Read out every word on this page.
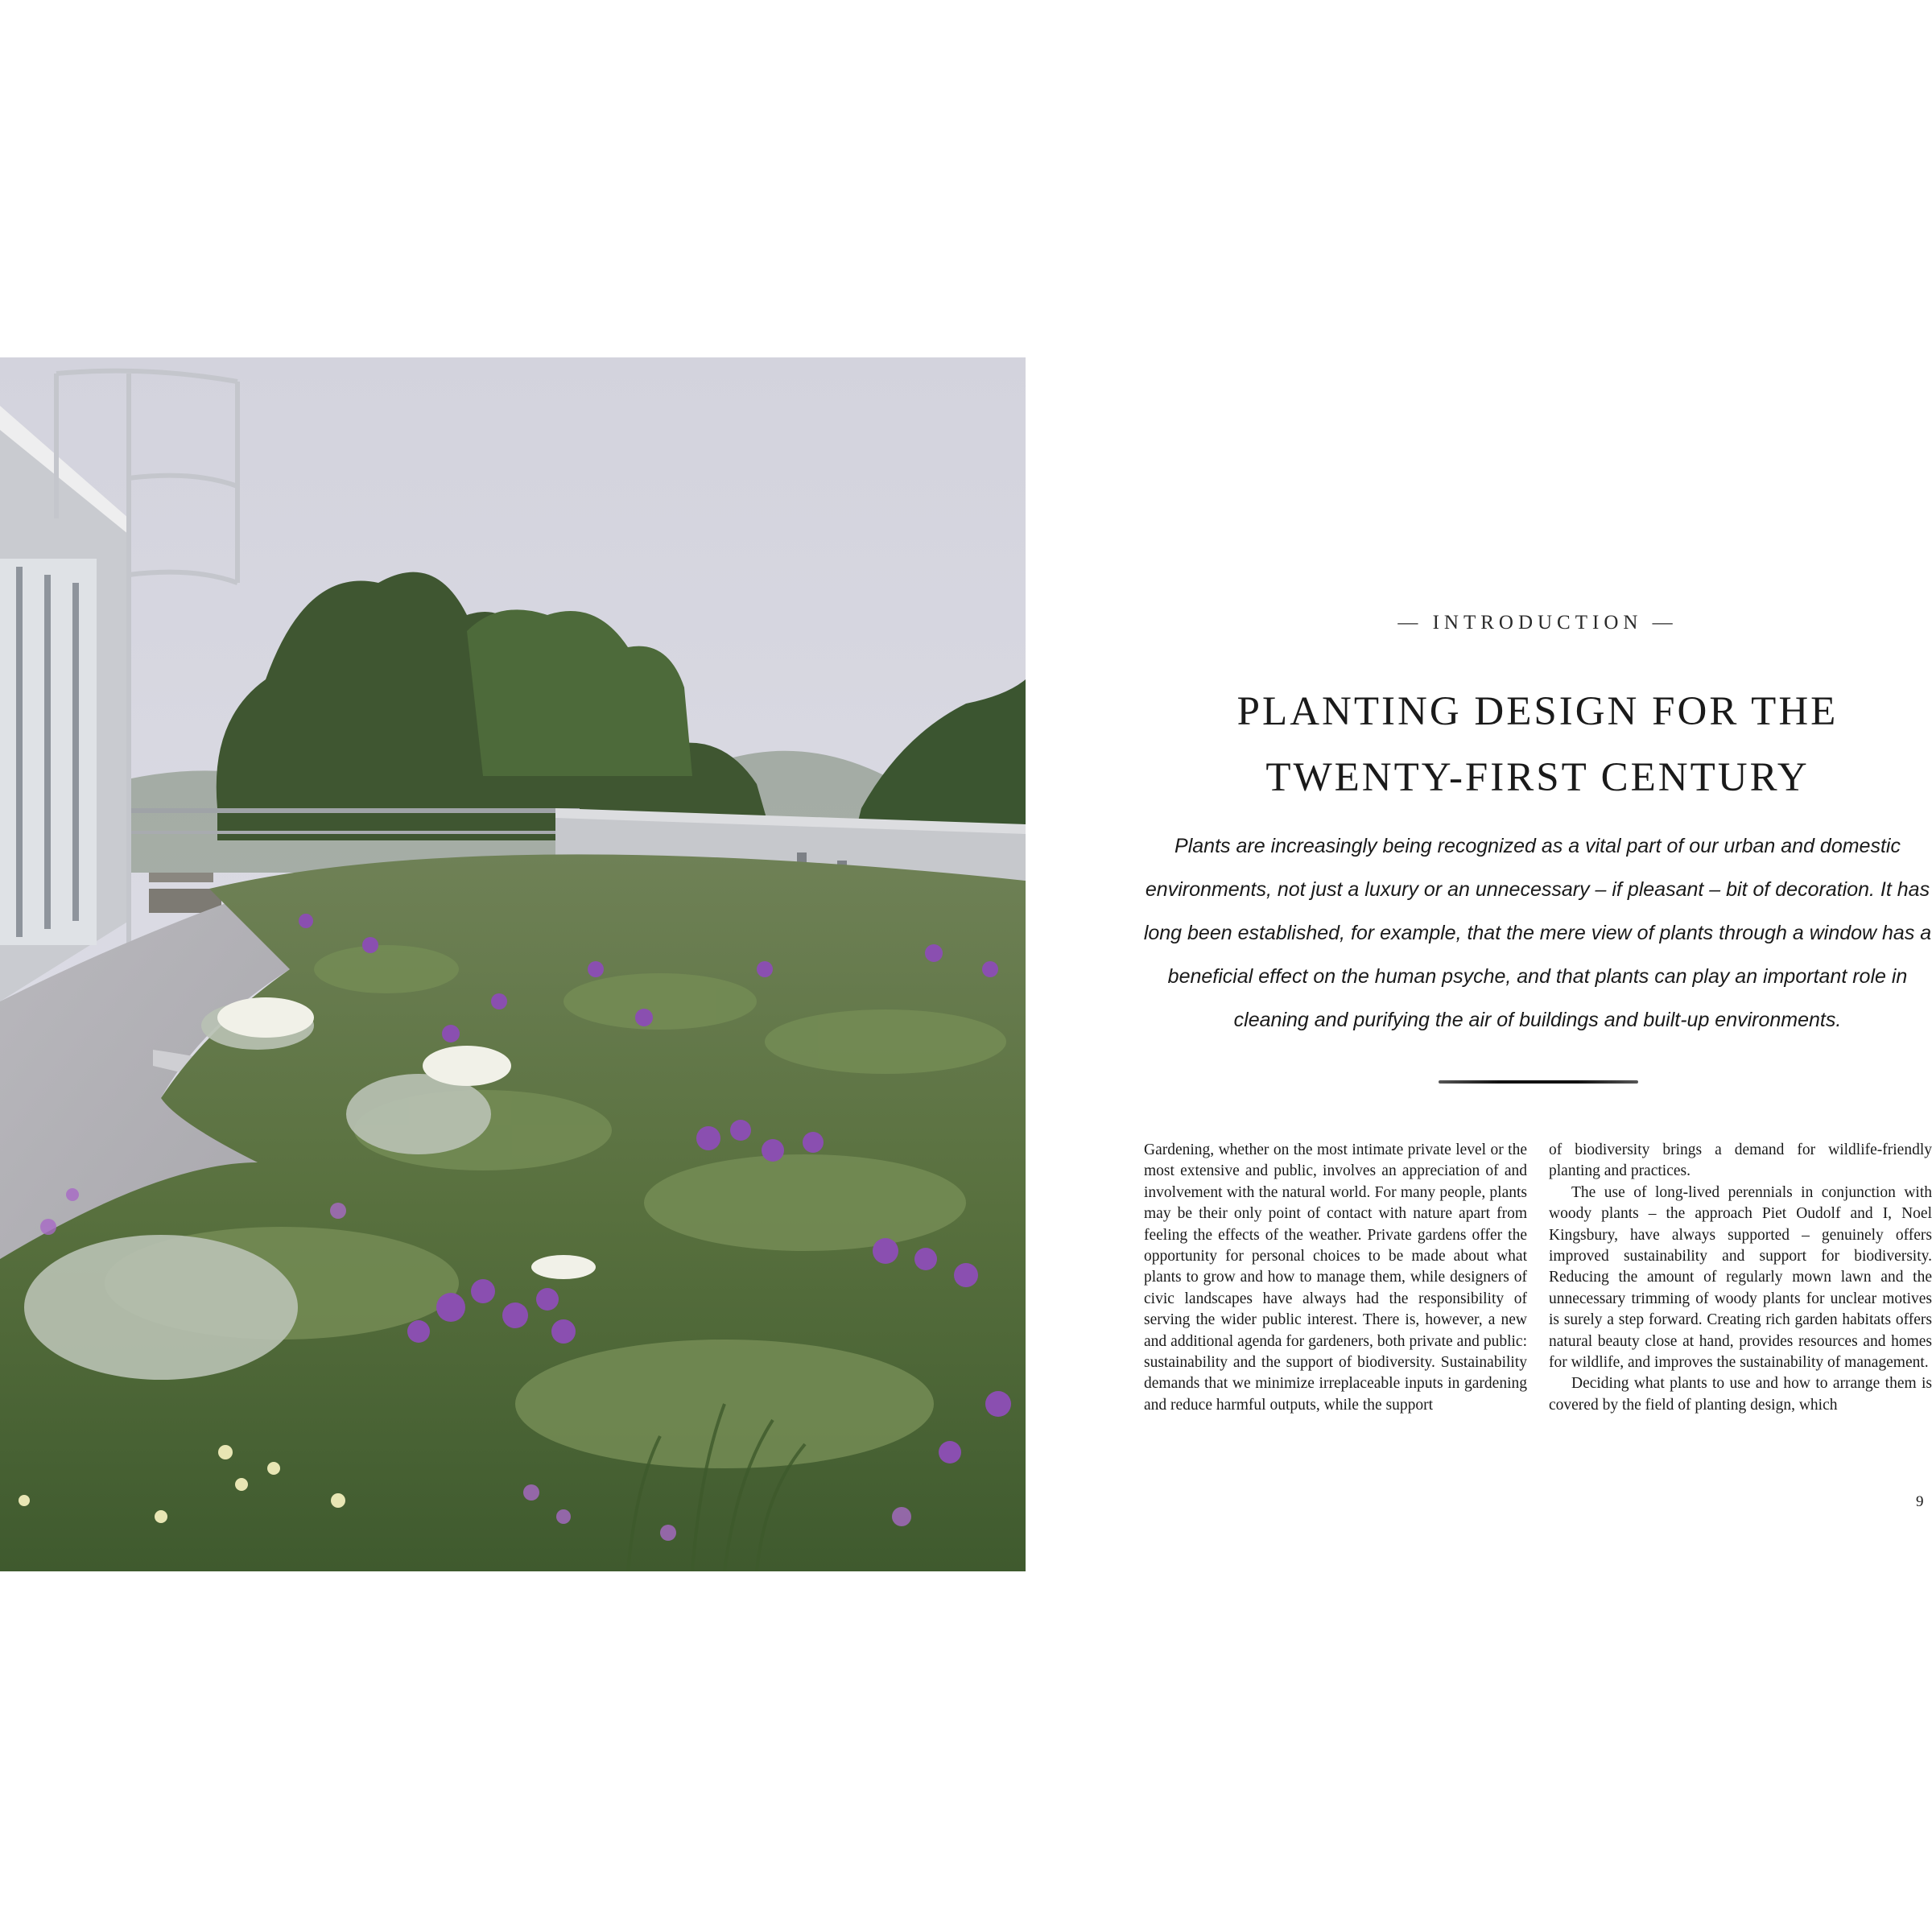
— INTRODUCTION —
PLANTING DESIGN FOR THE
TWENTY-FIRST CENTURY

Plants are increasingly being recognized as a vital part of our urban and domestic environments, not just a luxury or an unnecessary – if pleasant – bit of decoration. It has long been established, for example, that the mere view of plants through a window has a beneficial effect on the human psyche, and that plants can play an important role in cleaning and purifying the air of buildings and built-up environments.

Gardening, whether on the most intimate private level or the most extensive and public, involves an appreciation of and involvement with the natural world. For many people, plants may be their only point of contact with nature apart from feeling the effects of the weather. Private gardens offer the opportunity for personal choices to be made about what plants to grow and how to manage them, while designers of civic landscapes have always had the responsibility of serving the wider public interest. There is, however, a new and additional agenda for gardeners, both private and public: sustainability and the support of biodiversity. Sustainability demands that we minimize irreplaceable inputs in gardening and reduce harmful outputs, while the support

of biodiversity brings a demand for wildlife-friendly planting and practices.

The use of long-lived perennials in conjunction with woody plants – the approach Piet Oudolf and I, Noel Kingsbury, have always supported – genuinely offers improved sustainability and support for biodiversity. Reducing the amount of regularly mown lawn and the unnecessary trimming of woody plants for unclear motives is surely a step forward. Creating rich garden habitats offers natural beauty close at hand, provides resources and homes for wildlife, and improves the sustainability of management.

Deciding what plants to use and how to arrange them is covered by the field of planting design, which

9
